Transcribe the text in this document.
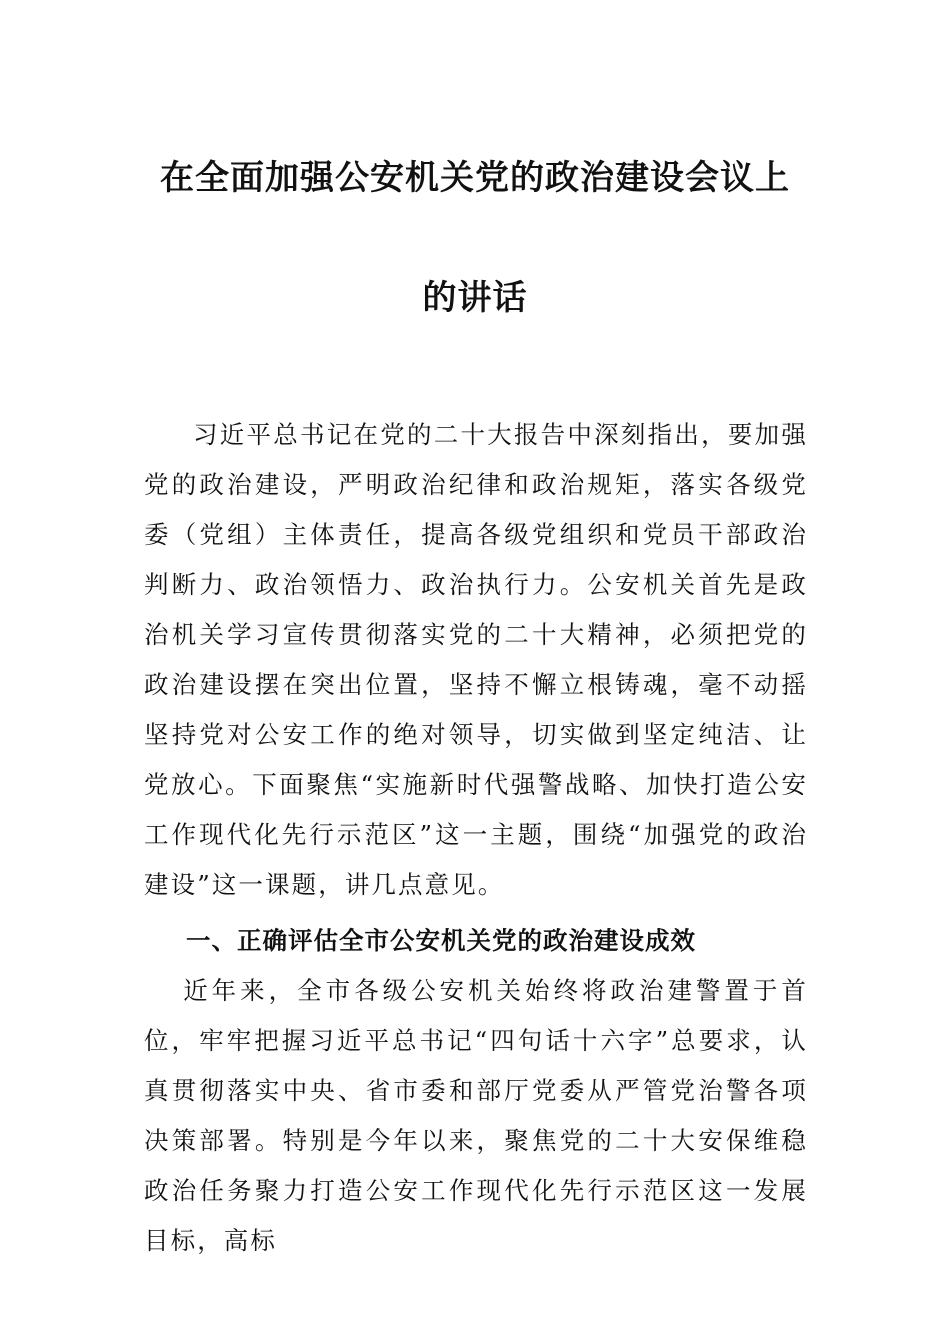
在全面加强公安机关党的政治建设会议上
的讲话
习近平总书记在党的二十大报告中深刻指出，要加强党的政治建设，严明政治纪律和政治规矩，落实各级党委（党组）主体责任，提高各级党组织和党员干部政治判断力、政治领悟力、政治执行力。公安机关首先是政治机关学习宣传贯彻落实党的二十大精神，必须把党的政治建设摆在突出位置，坚持不懈立根铸魂，毫不动摇坚持党对公安工作的绝对领导，切实做到坚定纯洁、让党放心。下面聚焦“实施新时代强警战略、加快打造公安工作现代化先行示范区”这一主题，围绕“加强党的政治建设”这一课题，讲几点意见。
一、正确评估全市公安机关党的政治建设成效
近年来，全市各级公安机关始终将政治建警置于首位，牢牢把握习近平总书记“四句话十六字”总要求，认真贯彻落实中央、省市委和部厅党委从严管党治警各项决策部署。特别是今年以来，聚焦党的二十大安保维稳政治任务聚力打造公安工作现代化先行示范区这一发展目标，高标
